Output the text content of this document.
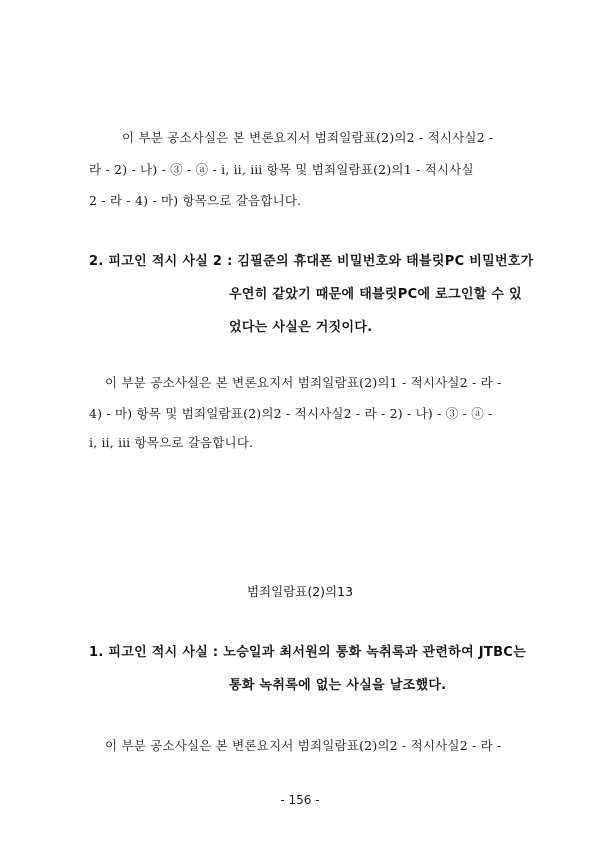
이 부분 공소사실은 본 변론요지서 범죄일람표(2)의2 - 적시사실2 -
라 - 2) - 나) - ③ - ⓐ - ⅰ, ⅱ, ⅲ 항목 및 범죄일람표(2)의1 - 적시사실
2 - 라 - 4) - 마) 항목으로 갈음합니다.
2. 피고인 적시 사실 2 : 김필준의 휴대폰 비밀번호와 태블릿PC 비밀번호가
우연히 같았기 때문에 태블릿PC에 로그인할 수 있
었다는 사실은 거짓이다.
이 부분 공소사실은 본 변론요지서 범죄일람표(2)의1 - 적시사실2 - 라 -
4) - 마) 항목 및 범죄일람표(2)의2 - 적시사실2 - 라 - 2) - 나) - ③ - ⓐ -
ⅰ, ⅱ, ⅲ 항목으로 갈음합니다.
범죄일람표(2)의13
1. 피고인 적시 사실 : 노승일과 최서원의 통화 녹취록과 관련하여 JTBC는
통화 녹취록에 없는 사실을 날조했다.
이 부분 공소사실은 본 변론요지서 범죄일람표(2)의2 - 적시사실2 - 라 -
- 156 -
